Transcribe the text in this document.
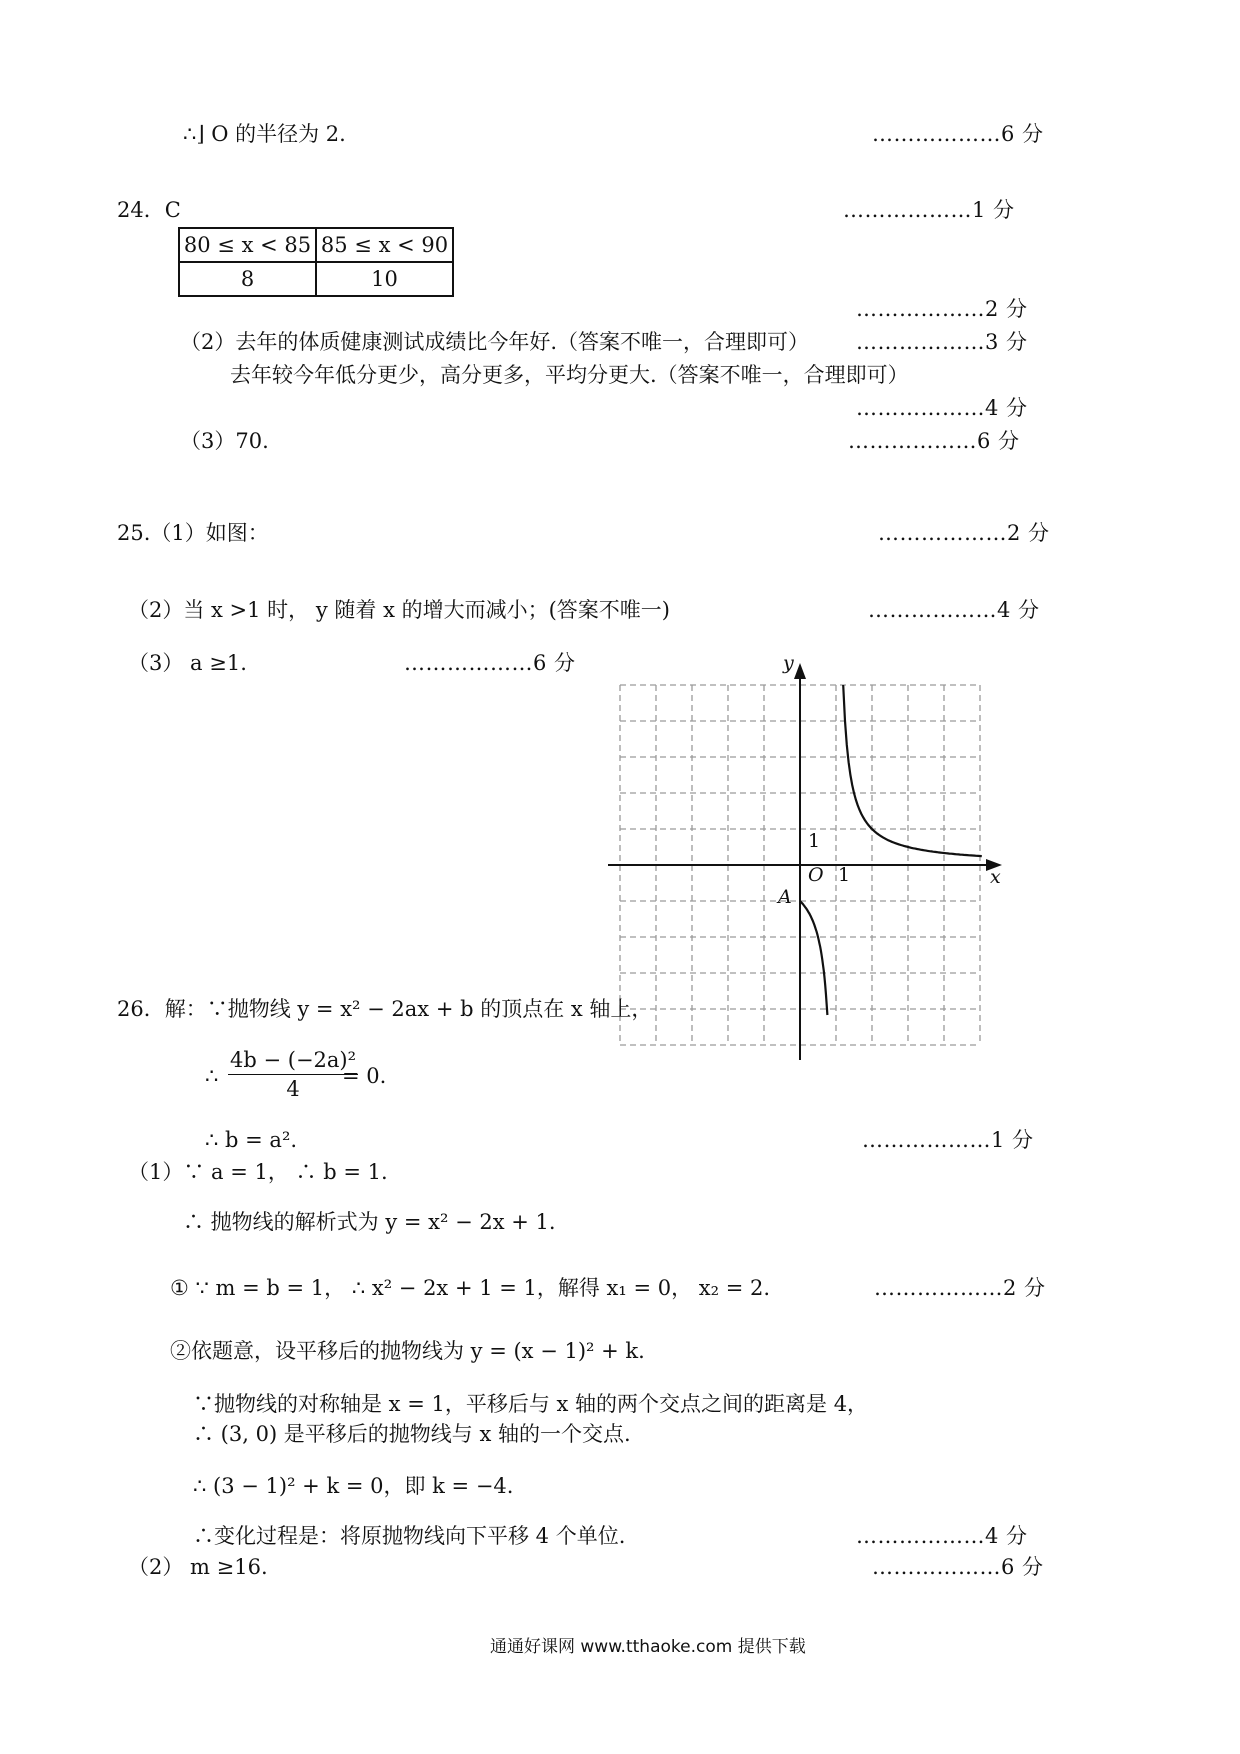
∴⌋ O 的半径为 2.	………………6 分
24．C	………………1 分
80 ≤ x < 85	85 ≤ x < 90
8	10
………………2 分
（2）去年的体质健康测试成绩比今年好.（答案不唯一，合理即可） ………………3 分
去年较今年低分更少，高分更多，平均分更大.（答案不唯一，合理即可）
………………4 分
（3）70.	………………6 分
25.（1）如图：	………………2 分
（2）当 x >1 时， y 随着 x 的增大而减小；(答案不唯一)	………………4 分
（3） a ≥1.	………………6 分	y
x
O 1
1
A
26．解：∵抛物线 y = x² − 2ax + b 的顶点在 x 轴上，
∴ $\frac{\text{4b − (−2a)²}}{4}$
= 0.
∴ b = a².	………………1 分
（1）∵ a = 1， ∴ b = 1.
∴ 抛物线的解析式为 y = x² − 2x + 1.
① ∵ m = b = 1， ∴ x² − 2x + 1 = 1，解得 x₁ = 0， x₂ = 2.	………………2 分
②依题意，设平移后的抛物线为 y = (x − 1)² + k.
∵抛物线的对称轴是 x = 1，平移后与 x 轴的两个交点之间的距离是 4，
∴ (3, 0) 是平移后的抛物线与 x 轴的一个交点.
∴ (3 − 1)² + k = 0，即 k = −4.
∴变化过程是：将原抛物线向下平移 4 个单位.	………………4 分
（2） m ≥16.	………………6 分
通通好课网 www.tthaoke.com 提供下载
